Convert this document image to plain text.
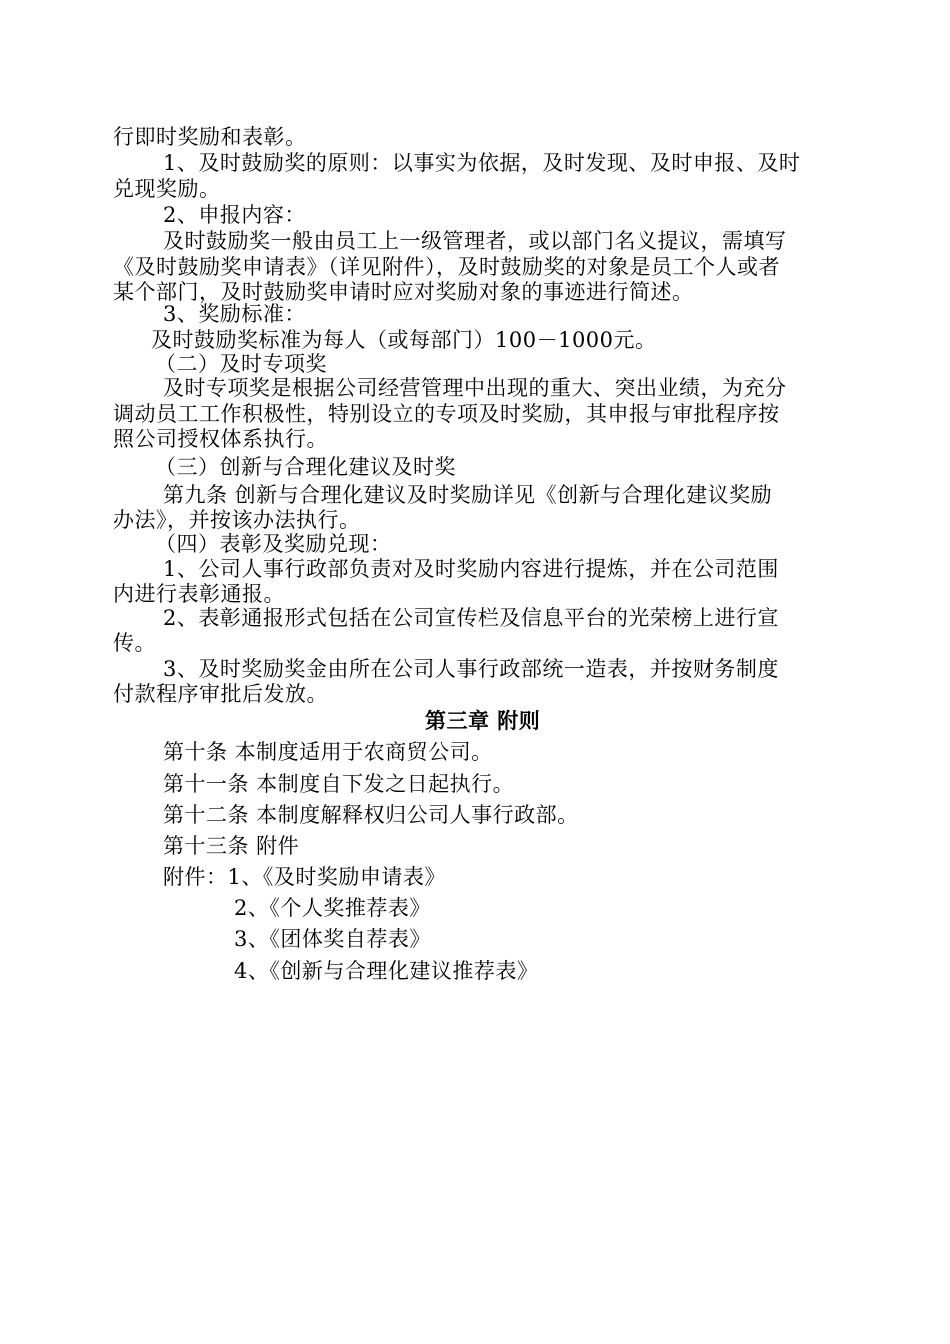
行即时奖励和表彰。
1、及时鼓励奖的原则：以事实为依据，及时发现、及时申报、及时
兑现奖励。
2、申报内容：
及时鼓励奖一般由员工上一级管理者，或以部门名义提议，需填写
《及时鼓励奖申请表》（详见附件），及时鼓励奖的对象是员工个人或者
某个部门，及时鼓励奖申请时应对奖励对象的事迹进行简述。
3、奖励标准：
及时鼓励奖标准为每人（或每部门）100－1000元。
（二）及时专项奖
及时专项奖是根据公司经营管理中出现的重大、突出业绩，为充分
调动员工工作积极性，特别设立的专项及时奖励，其申报与审批程序按
照公司授权体系执行。
（三）创新与合理化建议及时奖
第九条 创新与合理化建议及时奖励详见《创新与合理化建议奖励
办法》，并按该办法执行。
（四）表彰及奖励兑现：
1、公司人事行政部负责对及时奖励内容进行提炼，并在公司范围
内进行表彰通报。
2、表彰通报形式包括在公司宣传栏及信息平台的光荣榜上进行宣
传。
3、及时奖励奖金由所在公司人事行政部统一造表，并按财务制度
付款程序审批后发放。
第三章 附则
第十条 本制度适用于农商贸公司。
第十一条 本制度自下发之日起执行。
第十二条 本制度解释权归公司人事行政部。
第十三条 附件
附件：1、《及时奖励申请表》
2、《个人奖推荐表》
3、《团体奖自荐表》
4、《创新与合理化建议推荐表》
